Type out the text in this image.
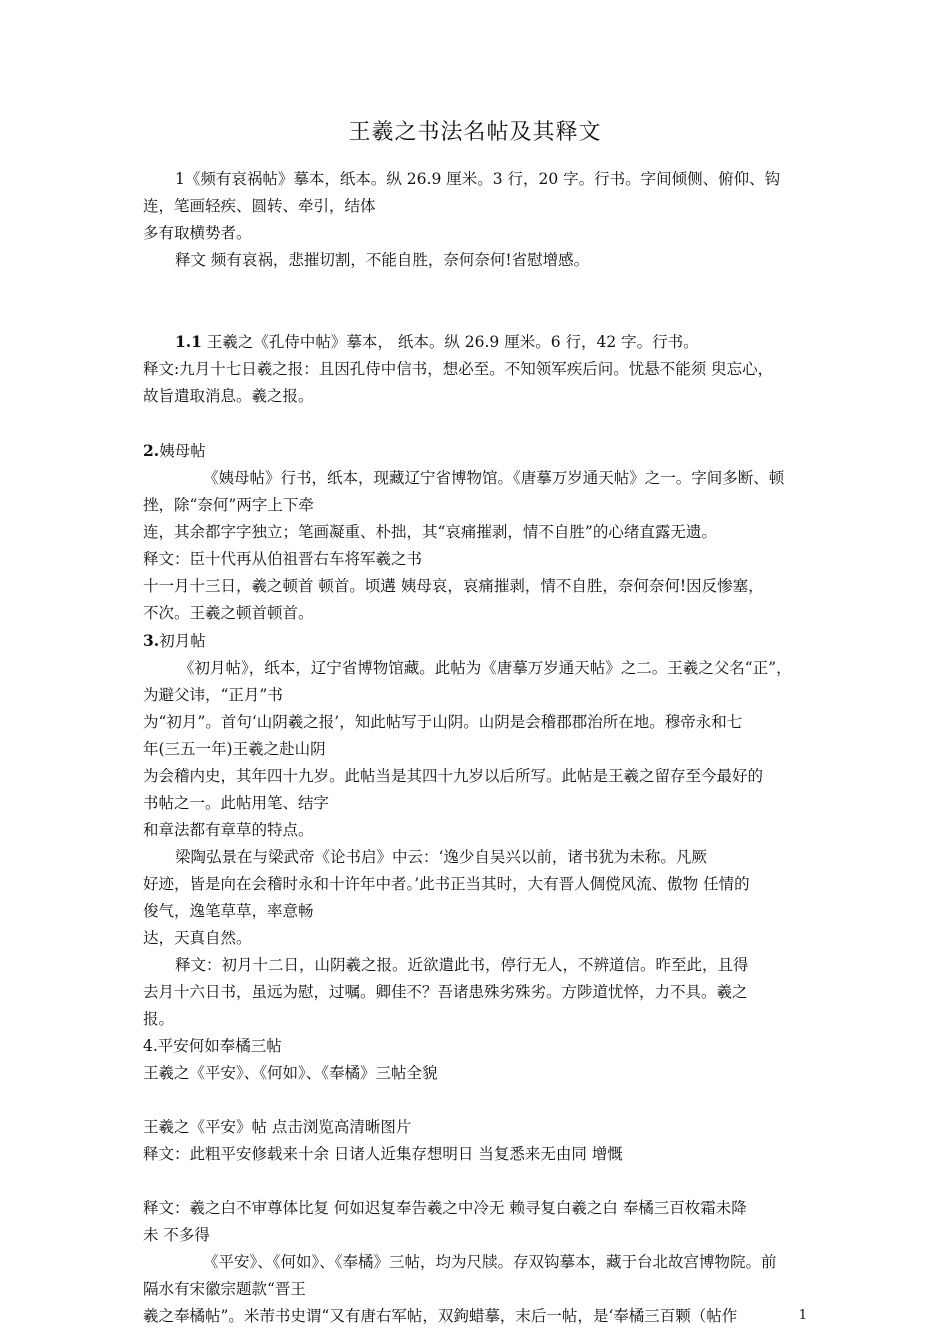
王羲之书法名帖及其释文

1《频有哀祸帖》摹本，纸本。纵 26.9 厘米。3 行，20 字。行书。字间倾侧、俯仰、钩

连，笔画轻疾、圆转、牵引，结体

多有取横势者。

释文 频有哀祸，悲摧切割，不能自胜，奈何奈何!省慰增感。

1.1 王羲之《孔侍中帖》摹本， 纸本。纵 26.9 厘米。6 行，42 字。行书。

释文:九月十七日羲之报：且因孔侍中信书，想必至。不知领军疾后问。忧悬不能须 臾忘心，

故旨遣取消息。羲之报。

2.姨母帖

《姨母帖》行书，纸本，现藏辽宁省博物馆。《唐摹万岁通天帖》之一。字间多断、顿

挫，除“奈何”两字上下牵

连，其余都字字独立；笔画凝重、朴拙，其“哀痛摧剥，情不自胜”的心绪直露无遗。

释文：臣十代再从伯祖晋右车将军羲之书

十一月十三日，羲之顿首 顿首。顷遘 姨母哀，哀痛摧剥，情不自胜，奈何奈何!因反惨塞，

不次。王羲之顿首顿首。

3.初月帖

《初月帖》，纸本，辽宁省博物馆藏。此帖为《唐摹万岁通天帖》之二。王羲之父名“正”，

为避父讳，“正月”书

为“初月”。首句‘山阴羲之报’，知此帖写于山阴。山阴是会稽郡郡治所在地。穆帝永和七

年(三五一年)王羲之赴山阴

为会稽内史，其年四十九岁。此帖当是其四十九岁以后所写。此帖是王羲之留存至今最好的

书帖之一。此帖用笔、结字

和章法都有章草的特点。

梁陶弘景在与梁武帝《论书启》中云：‘逸少自吴兴以前，诸书犹为未称。凡厥

好迹，皆是向在会稽时永和十许年中者。’此书正当其时，大有晋人倜傥风流、傲物 任情的

俊气，逸笔草草，率意畅

达，天真自然。

释文：初月十二日，山阴羲之报。近欲遣此书，停行无人，不辨道信。昨至此，且得

去月十六日书，虽远为慰，过嘱。卿佳不？吾诸患殊劣殊劣。方陟道忧悴，力不具。羲之

报。

4.平安何如奉橘三帖

王羲之《平安》、《何如》、《奉橘》三帖全貌

王羲之《平安》帖 点击浏览高清晰图片

释文：此粗平安修载来十余 日诸人近集存想明日 当复悉来无由同 增慨

释文：羲之白不审尊体比复 何如迟复奉告羲之中冷无 赖寻复白羲之白 奉橘三百枚霜未降

未 不多得

《平安》、《何如》、《奉橘》三帖，均为尺牍。存双钩摹本，藏于台北故宫博物院。前

隔水有宋徽宗题款“晋王

羲之奉橘帖”。米芾书史谓“又有唐右军帖，双鉤蜡摹，末后一帖，是‘奉橘三百颗（帖作	1
